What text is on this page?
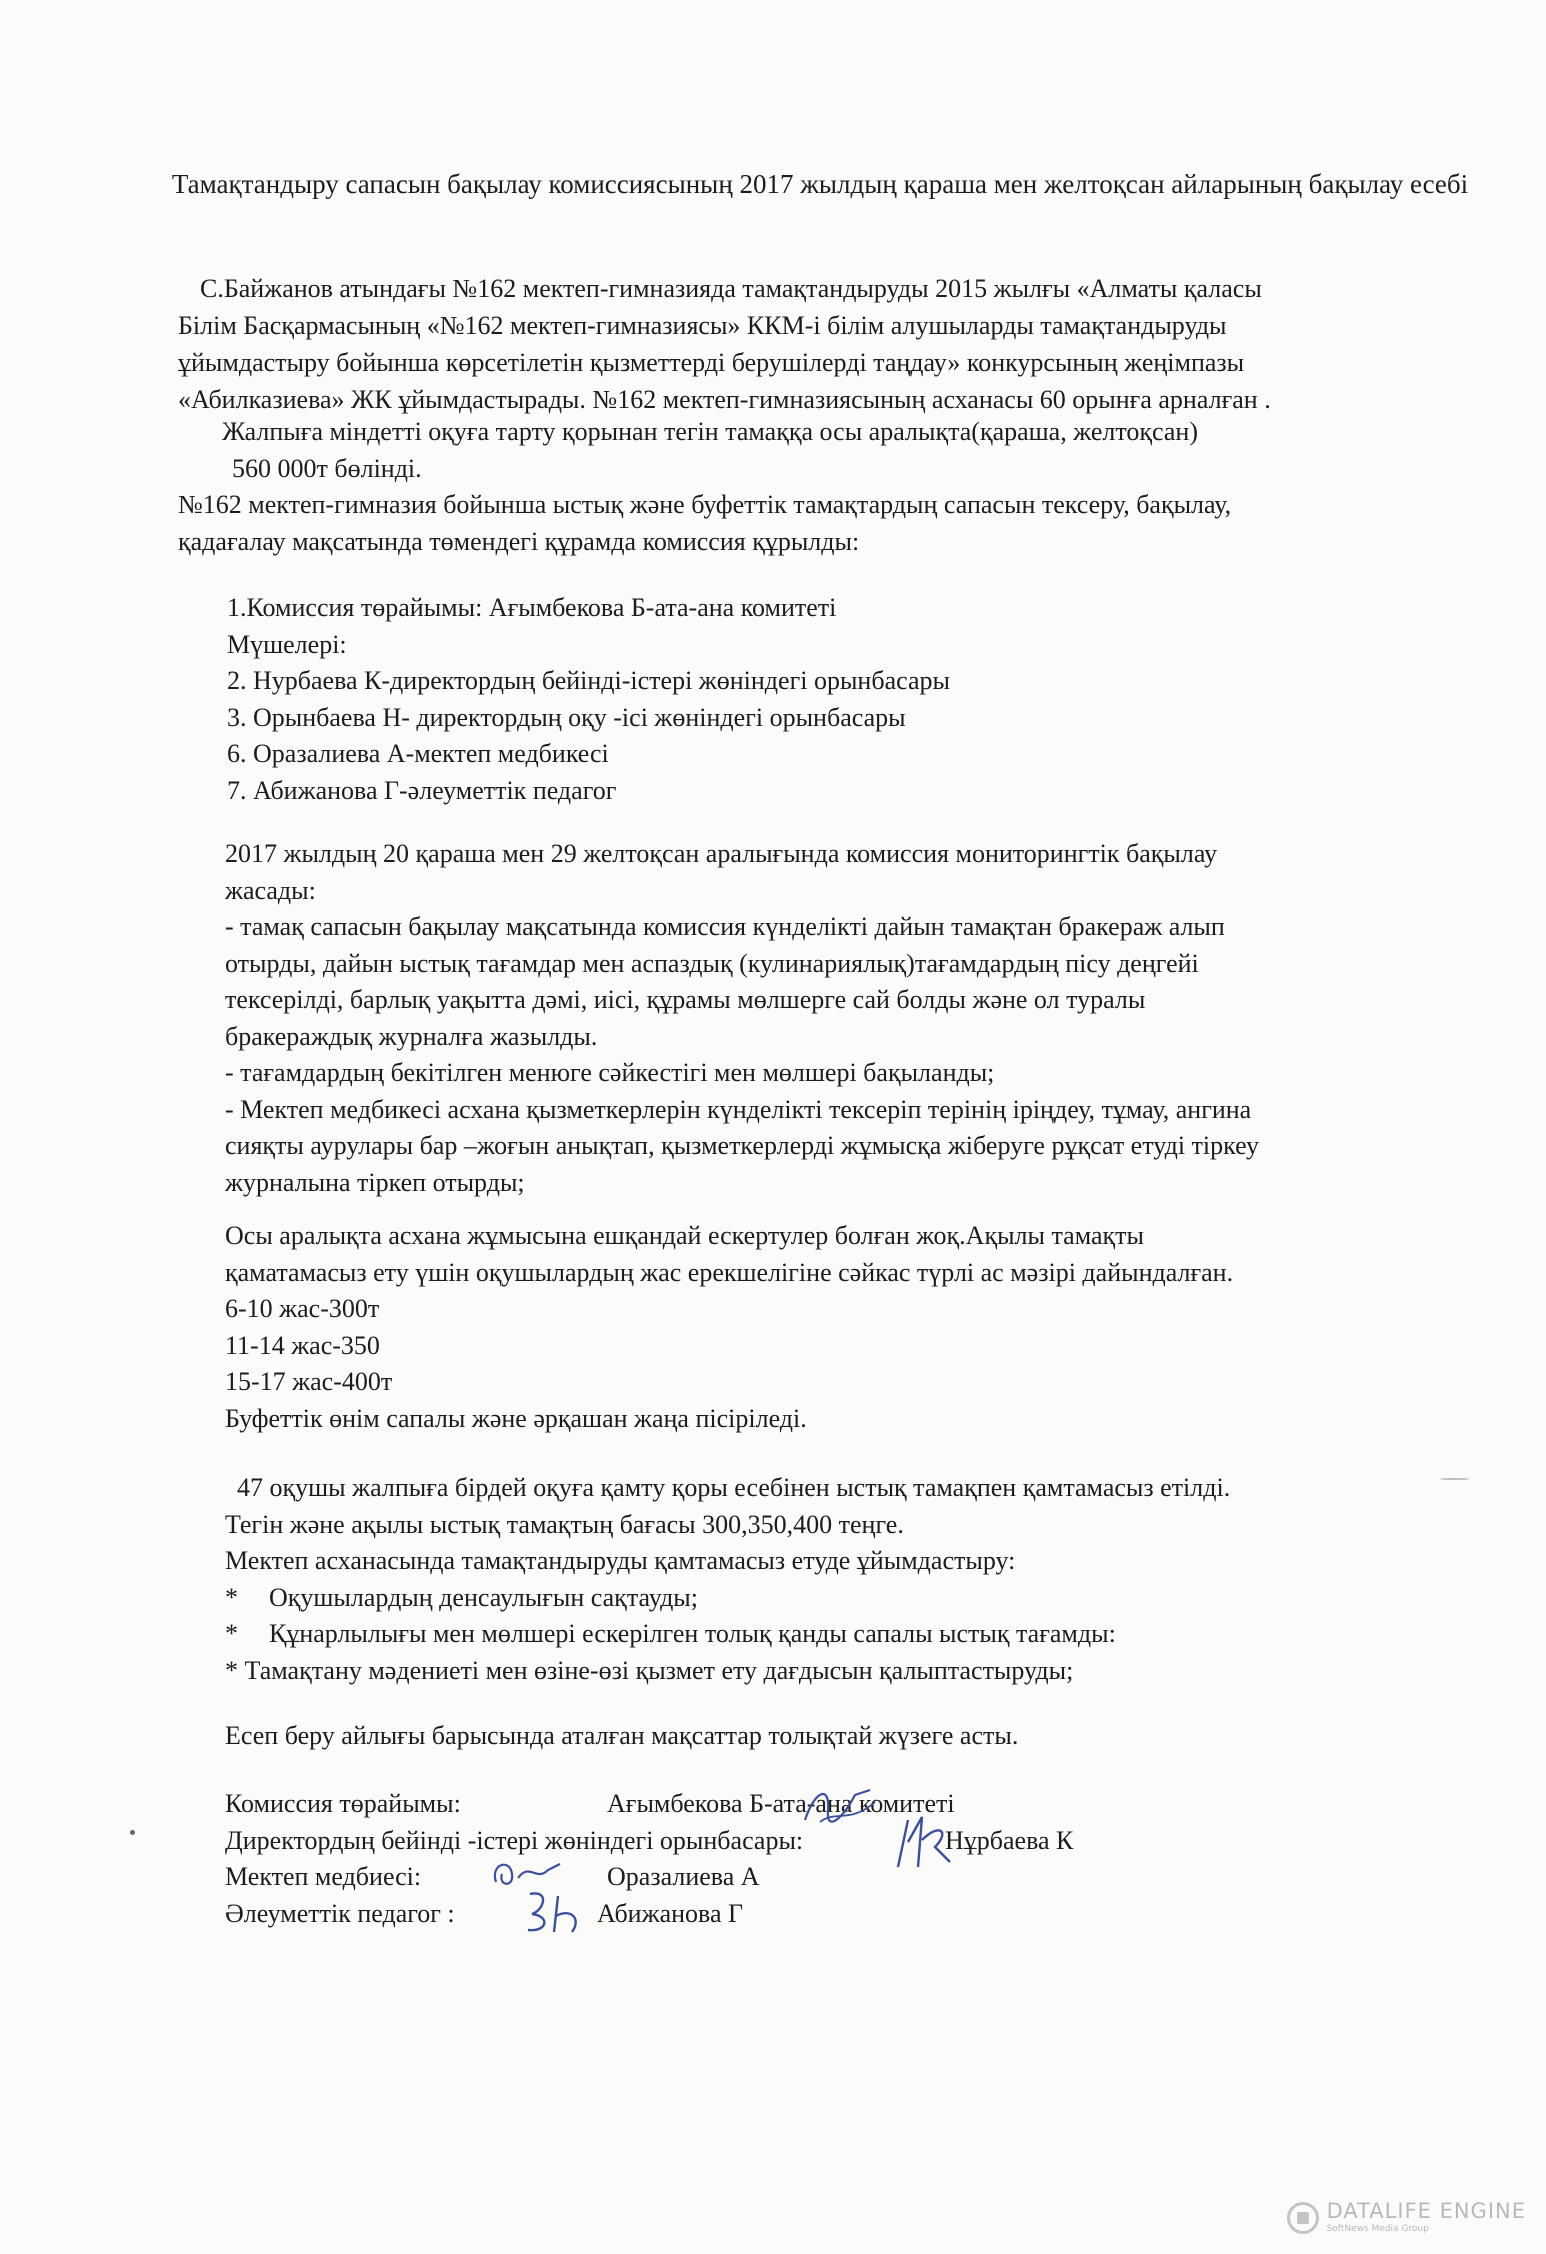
Тамақтандыру сапасын бақылау комиссиясының 2017 жылдың қараша мен желтоқсан айларының бақылау есебі

С.Байжанов атындағы №162 мектеп-гимназияда тамақтандыруды 2015 жылғы «Алматы қаласы
Білім Басқармасының «№162 мектеп-гимназиясы» ККМ-і білім алушыларды тамақтандыруды
ұйымдастыру бойынша көрсетілетін қызметтерді берушілерді таңдау» конкурсының жеңімпазы
«Абилказиева» ЖК ұйымдастырады. №162 мектеп-гимназиясының асханасы 60 орынға арналған .

Жалпыға міндетті оқуға тарту қорынан тегін тамаққа осы аралықта(қараша, желтоқсан)
560 000т бөлінді.

№162 мектеп-гимназия бойынша ыстық және буфеттік тамақтардың сапасын тексеру, бақылау,
қадағалау мақсатында төмендегі құрамда комиссия құрылды:

1.Комиссия төрайымы: Ағымбекова Б-ата-ана комитеті
Мүшелері:
2. Нурбаева К-директордың бейінді-істері жөніндегі орынбасары
3. Орынбаева Н- директордың оқу -ісі жөніндегі орынбасары
6. Оразалиева А-мектеп медбикесі
7. Абижанова Г-әлеуметтік педагог
2017 жылдың 20 қараша мен 29 желтоқсан аралығында комиссия мониторингтік бақылау
жасады:
- тамақ сапасын бақылау мақсатында комиссия күнделікті дайын тамақтан бракераж алып
отырды, дайын ыстық тағамдар мен аспаздық (кулинариялық)тағамдардың пісу деңгейі
тексерілді, барлық уақытта дәмі, иісі, құрамы мөлшерге сай болды және ол туралы
бракераждық журналға жазылды.
- тағамдардың бекітілген менюге сәйкестігі мен мөлшері бақыланды;
- Мектеп медбикесі асхана қызметкерлерін күнделікті тексеріп терінің іріңдеу, тұмау, ангина
сияқты аурулары бар –жоғын анықтап, қызметкерлерді жұмысқа жіберуге рұқсат етуді тіркеу
журналына тіркеп отырды;
Осы аралықта асхана жұмысына ешқандай ескертулер болған жоқ.Ақылы тамақты
қаматамасыз ету үшін оқушылардың жас ерекшелігіне сәйкас түрлі ас мәзірі дайындалған.
6-10 жас-300т
11-14 жас-350
15-17 жас-400т
Буфеттік өнім сапалы және әрқашан жаңа пісіріледі.
47 оқушы жалпыға бірдей оқуға қамту қоры есебінен ыстық тамақпен қамтамасыз етілді.
Тегін және ақылы ыстық тамақтың бағасы 300,350,400 теңге.
Мектеп асханасында тамақтандыруды қамтамасыз етуде ұйымдастыру:
* Оқушылардың денсаулығын сақтауды;
* Құнарлылығы мен мөлшері ескерілген толық қанды сапалы ыстық тағамды:
* Тамақтану мәдениеті мен өзіне-өзі қызмет ету дағдысын қалыптастыруды;
Есеп беру айлығы барысында аталған мақсаттар толықтай жүзеге асты.
Комиссия төрайымы:	Ағымбекова Б-ата-ана комитеті
Директордың бейінді -істері жөніндегі орынбасары:	Нұрбаева К
Мектеп медбиесі:	Оразалиева А
Әлеуметтік педагог :	Абижанова Г
DATALIFE ENGINE
SoftNews Media Group
